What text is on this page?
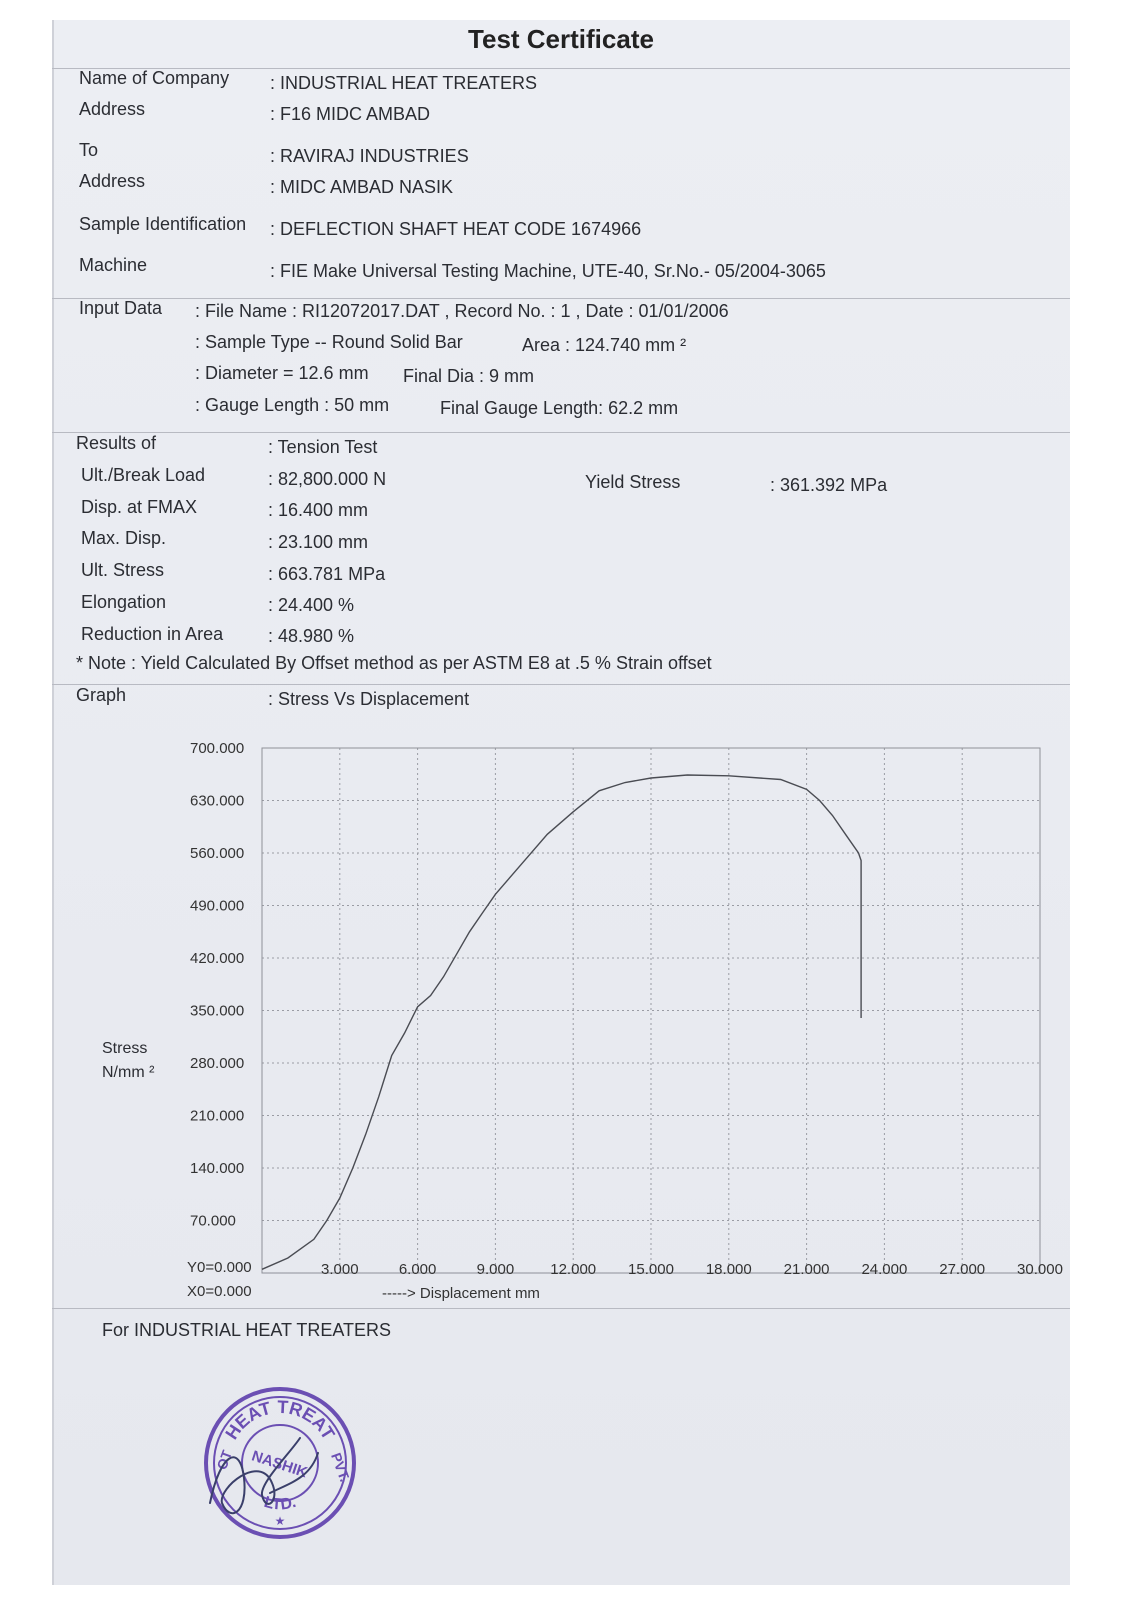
Test Certificate
Name of Company : INDUSTRIAL HEAT TREATERS
Address	: F16 MIDC AMBAD
To	: RAVIRAJ INDUSTRIES
Address	: MIDC AMBAD NASIK
Sample Identification : DEFLECTION SHAFT HEAT CODE 1674966
Machine	: FIE Make Universal Testing Machine, UTE-40, Sr.No.- 05/2004-3065
Input Data : File Name : RI12072017.DAT , Record No. : 1 , Date : 01/01/2006
: Sample Type -- Round Solid Bar	Area : 124.740 mm ²
: Diameter = 12.6 mm Final Dia : 9 mm
: Gauge Length : 50 mm	Final Gauge Length: 62.2 mm
Results of	: Tension Test
Ult./Break Load	: 82,800.000 N
Disp. at FMAX	: 16.400 mm
Max. Disp.	: 23.100 mm
Ult. Stress	: 663.781 MPa
Elongation	: 24.400 %
Reduction in Area : 48.980 %
Yield Stress	: 361.392 MPa
* Note : Yield Calculated By Offset method as per ASTM E8 at .5 % Strain offset
Graph	: Stress Vs Displacement
70.000
140.000
210.000
280.000
350.000
420.000
490.000
560.000
630.000
700.000
3.000	6.000	9.000 12.000 15.000 18.000 21.000 24.000 27.000 30.000
Y0=0.000
X0=0.000	-----> Displacement mm
Stress N/mm ²
For INDUSTRIAL HEAT TREATERS
HEAT TREAT
LTD.
OT	PVT.
NASHIK
★
